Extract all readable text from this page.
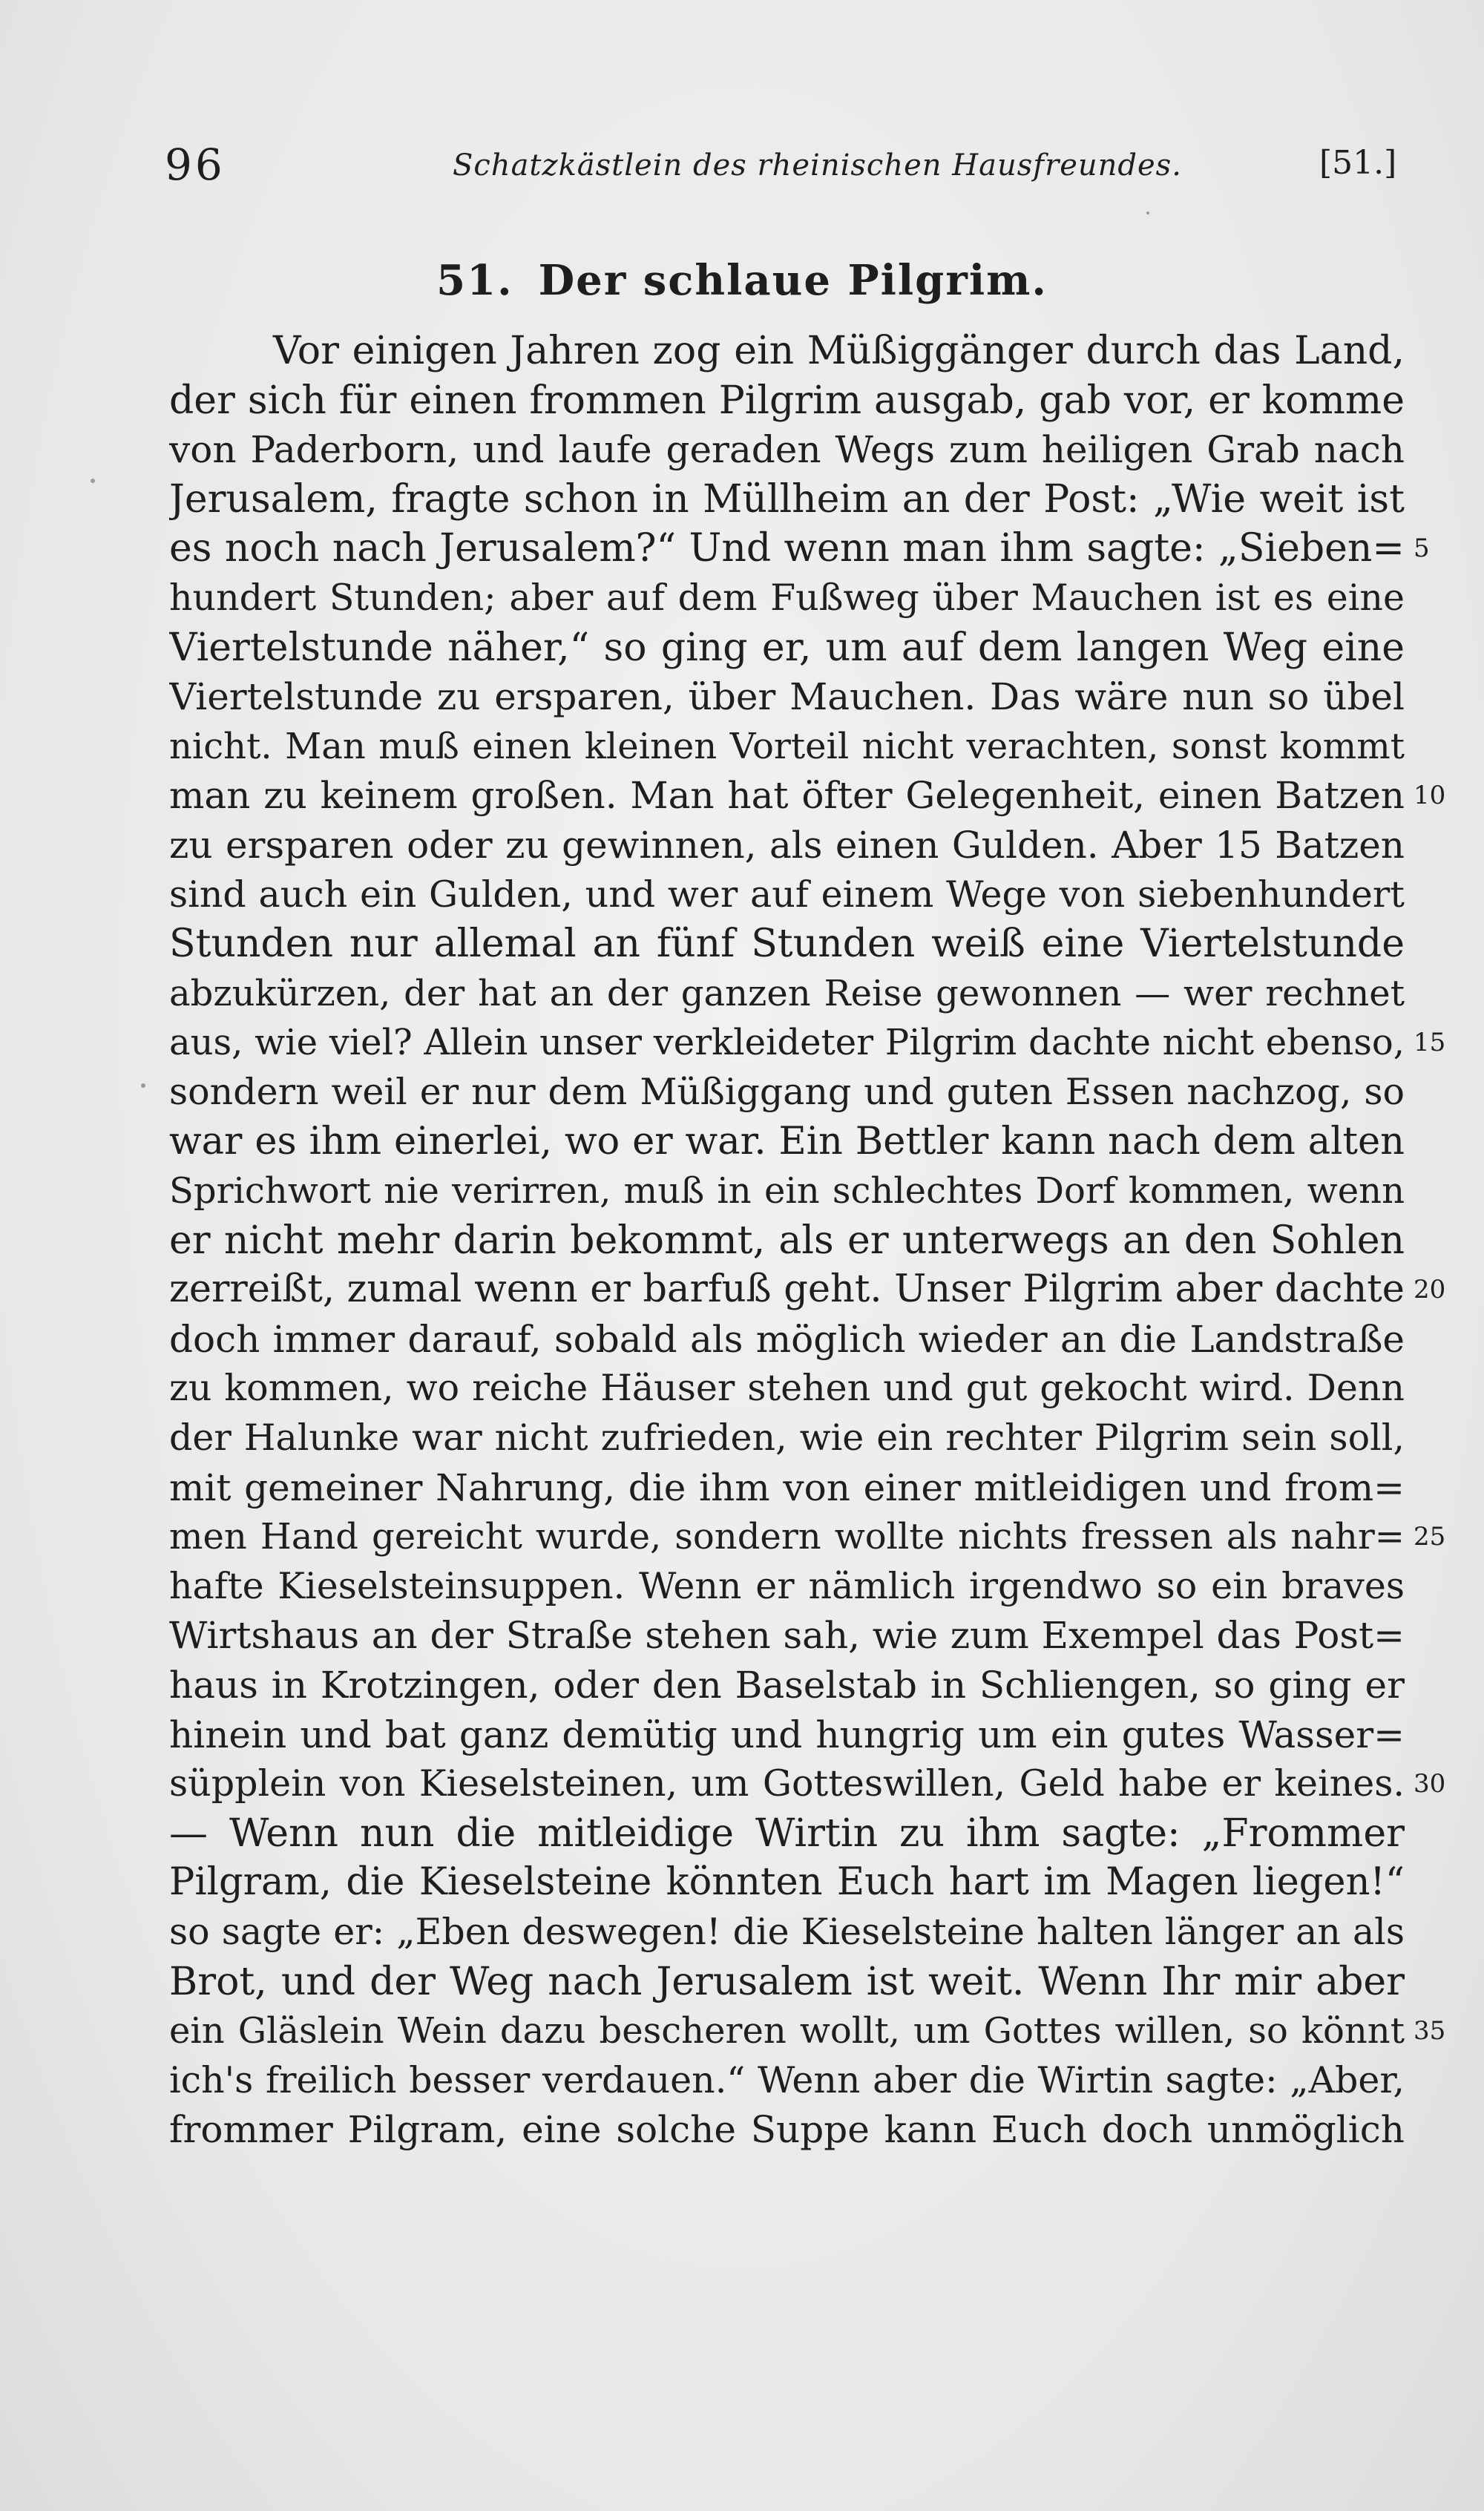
96	Schatzkästlein des rheinischen Hausfreundes.	[51.]
51. Der schlaue Pilgrim.
Vor einigen Jahren zog ein Müßiggänger durch das Land,
der sich für einen frommen Pilgrim ausgab, gab vor, er komme
von Paderborn, und laufe geraden Wegs zum heiligen Grab nach
Jerusalem, fragte schon in Müllheim an der Post: „Wie weit ist
es noch nach Jerusalem?“ Und wenn man ihm sagte: „Sieben=
hundert Stunden; aber auf dem Fußweg über Mauchen ist es eine
Viertelstunde näher,“ so ging er, um auf dem langen Weg eine
Viertelstunde zu ersparen, über Mauchen. Das wäre nun so übel
nicht. Man muß einen kleinen Vorteil nicht verachten, sonst kommt
man zu keinem großen. Man hat öfter Gelegenheit, einen Batzen
zu ersparen oder zu gewinnen, als einen Gulden. Aber 15 Batzen
sind auch ein Gulden, und wer auf einem Wege von siebenhundert
Stunden nur allemal an fünf Stunden weiß eine Viertelstunde
abzukürzen, der hat an der ganzen Reise gewonnen — wer rechnet
aus, wie viel? Allein unser verkleideter Pilgrim dachte nicht ebenso,
sondern weil er nur dem Müßiggang und guten Essen nachzog, so
war es ihm einerlei, wo er war. Ein Bettler kann nach dem alten
Sprichwort nie verirren, muß in ein schlechtes Dorf kommen, wenn
er nicht mehr darin bekommt, als er unterwegs an den Sohlen
zerreißt, zumal wenn er barfuß geht. Unser Pilgrim aber dachte
doch immer darauf, sobald als möglich wieder an die Landstraße
zu kommen, wo reiche Häuser stehen und gut gekocht wird. Denn
der Halunke war nicht zufrieden, wie ein rechter Pilgrim sein soll,
mit gemeiner Nahrung, die ihm von einer mitleidigen und from=
men Hand gereicht wurde, sondern wollte nichts fressen als nahr=
hafte Kieselsteinsuppen. Wenn er nämlich irgendwo so ein braves
Wirtshaus an der Straße stehen sah, wie zum Exempel das Post=
haus in Krotzingen, oder den Baselstab in Schliengen, so ging er
hinein und bat ganz demütig und hungrig um ein gutes Wasser=
süpplein von Kieselsteinen, um Gotteswillen, Geld habe er keines.
— Wenn nun die mitleidige Wirtin zu ihm sagte: „Frommer
Pilgram, die Kieselsteine könnten Euch hart im Magen liegen!“
so sagte er: „Eben deswegen! die Kieselsteine halten länger an als
Brot, und der Weg nach Jerusalem ist weit. Wenn Ihr mir aber
ein Gläslein Wein dazu bescheren wollt, um Gottes willen, so könnt
ich's freilich besser verdauen.“ Wenn aber die Wirtin sagte: „Aber,
frommer Pilgram, eine solche Suppe kann Euch doch unmöglich
5
10
15
20
25
30
35
